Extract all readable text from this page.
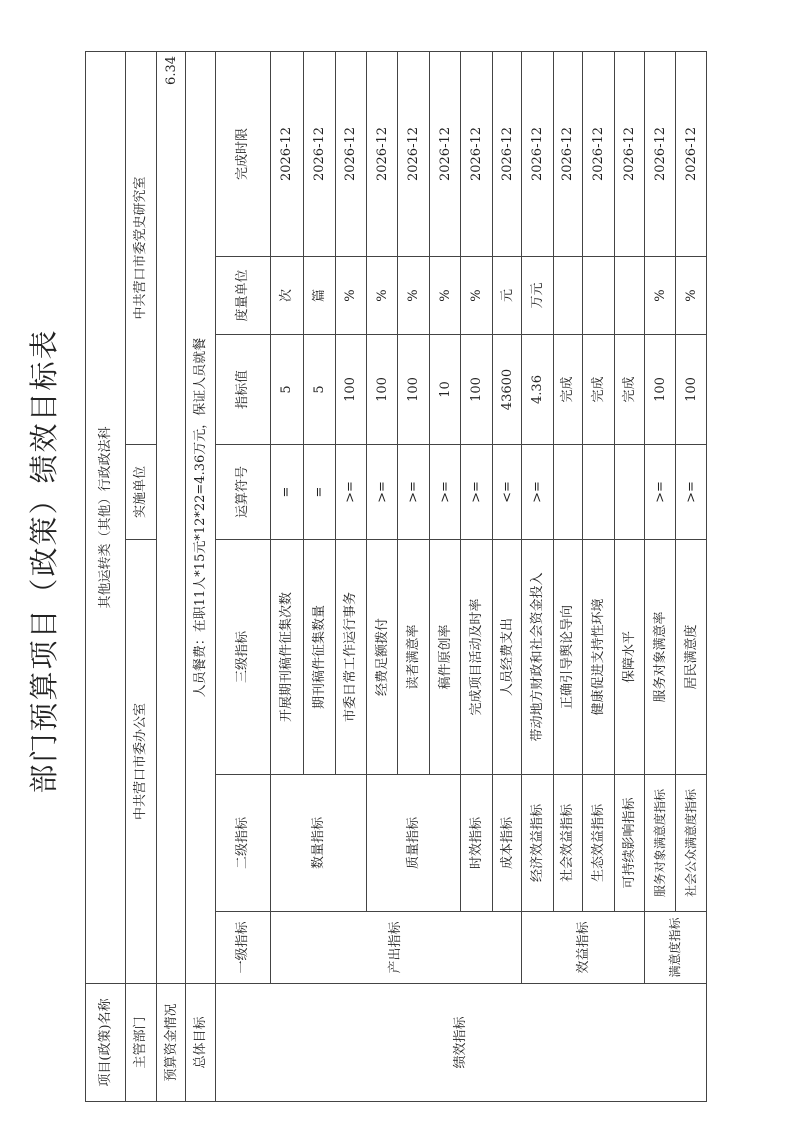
部门预算项目（政策）绩效目标表
项目(政策)名称	其他运转类（其他）行政政法科						
主管部门	中共营口市委办公室			实施单位	中共营口市委党史研究室		
预算资金情况	6.34						
总体目标	人员餐费：在职11人*15元*12*22=4.36万元，保证人员就餐						
绩效指标	一级指标	二级指标	三级指标	运算符号	指标值	度量单位	完成时限
	产出指标	数量指标	开展期刊稿件征集次数	=	5	次	2026-12
			期刊稿件征集数量	=	5	篇	2026-12
			市委日常工作运行事务	>=	100	%	2026-12
		质量指标	经费足额拨付	>=	100	%	2026-12
			读者满意率	>=	100	%	2026-12
			稿件原创率	>=	10	%	2026-12
		时效指标	完成项目活动及时率	>=	100	%	2026-12
		成本指标	人员经费支出	<=	43600	元	2026-12
	效益指标	经济效益指标	带动地方财政和社会资金投入	>=	4.36	万元	2026-12
		社会效益指标	正确引导舆论导向		完成		2026-12
		生态效益指标	健康促进支持性环境		完成		2026-12
		可持续影响指标	保障水平		完成		2026-12
	满意度指标	服务对象满意度指标	服务对象满意率	>=	100	%	2026-12
		社会公众满意度指标	居民满意度	>=	100	%	2026-12
